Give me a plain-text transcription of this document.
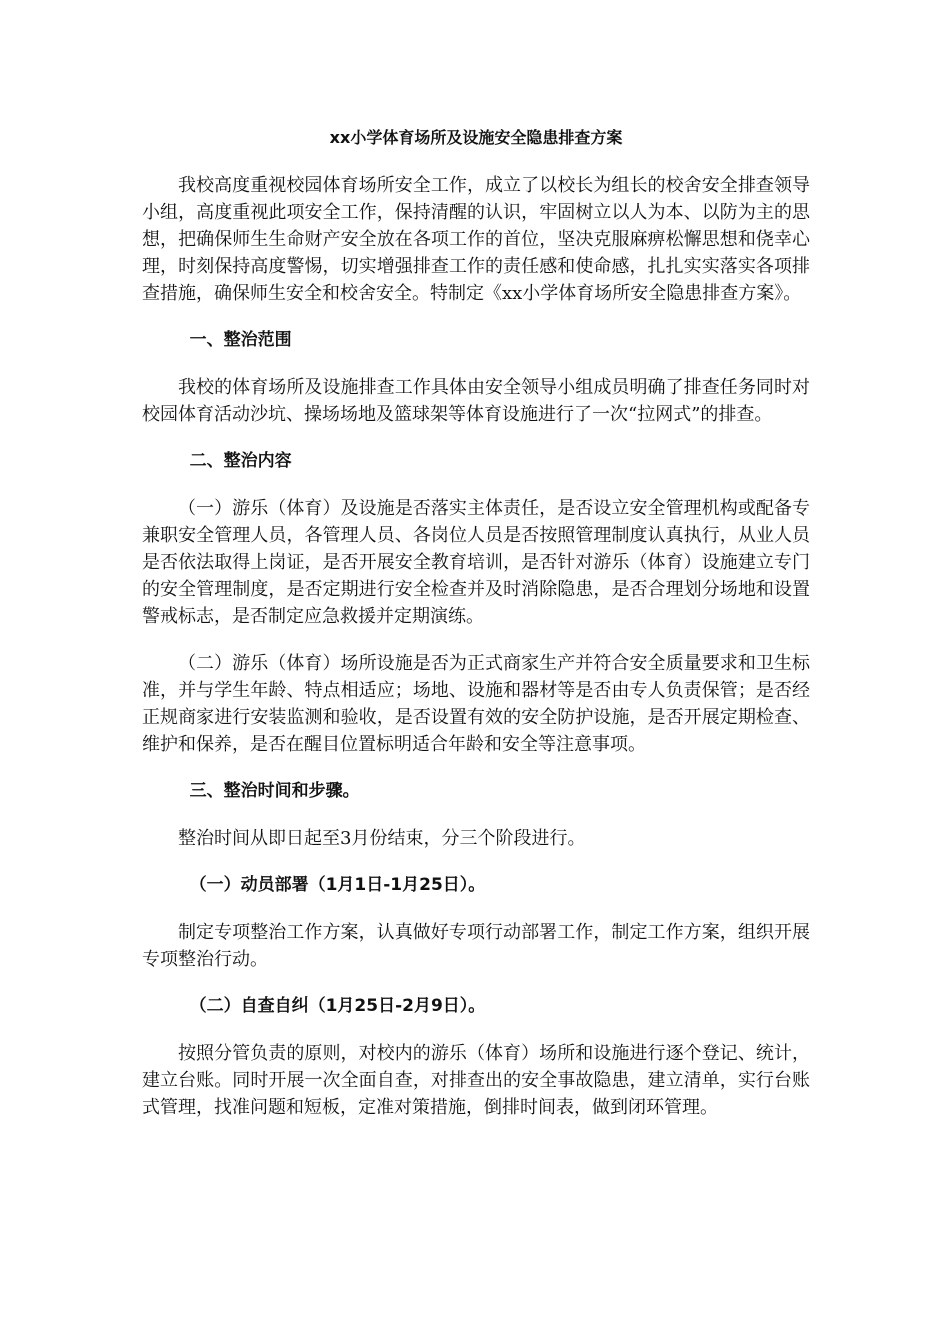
xx小学体育场所及设施安全隐患排查方案

我校高度重视校园体育场所安全工作，成立了以校长为组长的校舍安全排查领导小组，高度重视此项安全工作，保持清醒的认识，牢固树立以人为本、以防为主的思想，把确保师生生命财产安全放在各项工作的首位，坚决克服麻痹松懈思想和侥幸心理，时刻保持高度警惕，切实增强排查工作的责任感和使命感，扎扎实实落实各项排查措施，确保师生安全和校舍安全。特制定《xx小学体育场所安全隐患排查方案》。

一、整治范围

我校的体育场所及设施排查工作具体由安全领导小组成员明确了排查任务同时对校园体育活动沙坑、操场场地及篮球架等体育设施进行了一次“拉网式”的排查。

二、整治内容

（一）游乐（体育）及设施是否落实主体责任，是否设立安全管理机构或配备专兼职安全管理人员，各管理人员、各岗位人员是否按照管理制度认真执行，从业人员是否依法取得上岗证，是否开展安全教育培训，是否针对游乐（体育）设施建立专门的安全管理制度，是否定期进行安全检查并及时消除隐患，是否合理划分场地和设置警戒标志，是否制定应急救援并定期演练。

（二）游乐（体育）场所设施是否为正式商家生产并符合安全质量要求和卫生标准，并与学生年龄、特点相适应；场地、设施和器材等是否由专人负责保管；是否经正规商家进行安装监测和验收，是否设置有效的安全防护设施，是否开展定期检查、维护和保养，是否在醒目位置标明适合年龄和安全等注意事项。

三、整治时间和步骤。

整治时间从即日起至3月份结束，分三个阶段进行。

（一）动员部署（1月1日-1月25日）。

制定专项整治工作方案，认真做好专项行动部署工作，制定工作方案，组织开展专项整治行动。

（二）自查自纠（1月25日-2月9日）。

按照分管负责的原则，对校内的游乐（体育）场所和设施进行逐个登记、统计，建立台账。同时开展一次全面自查，对排查出的安全事故隐患，建立清单，实行台账式管理，找准问题和短板，定准对策措施，倒排时间表，做到闭环管理。
